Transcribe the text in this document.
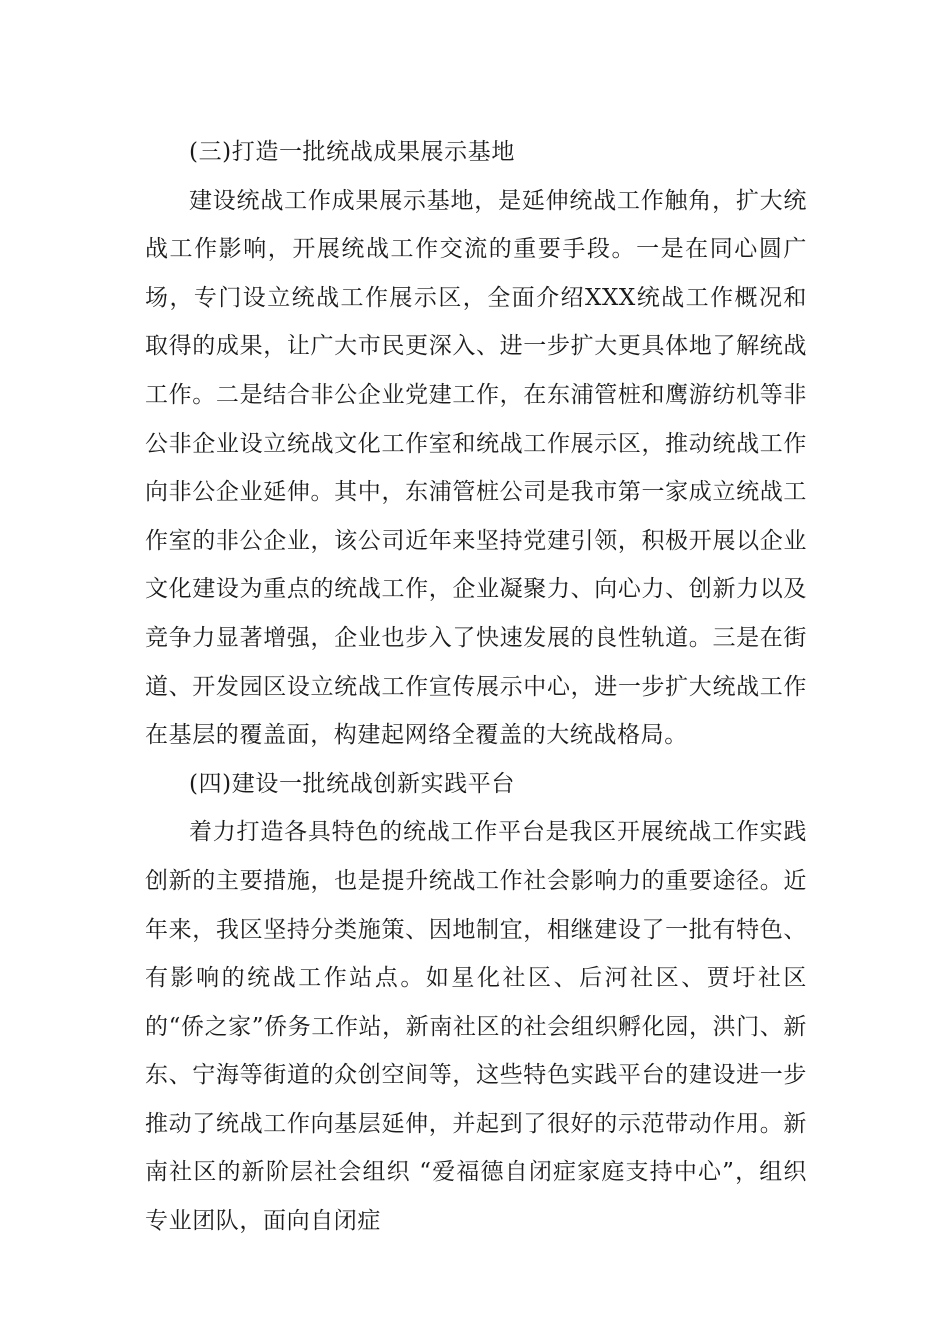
(三)打造一批统战成果展示基地

建设统战工作成果展示基地，是延伸统战工作触角，扩大统战工作影响，开展统战工作交流的重要手段。一是在同心圆广场，专门设立统战工作展示区，全面介绍XXX统战工作概况和取得的成果，让广大市民更深入、进一步扩大更具体地了解统战工作。二是结合非公企业党建工作，在东浦管桩和鹰游纺机等非公非企业设立统战文化工作室和统战工作展示区，推动统战工作向非公企业延伸。其中，东浦管桩公司是我市第一家成立统战工作室的非公企业，该公司近年来坚持党建引领，积极开展以企业文化建设为重点的统战工作，企业凝聚力、向心力、创新力以及竞争力显著增强，企业也步入了快速发展的良性轨道。三是在街道、开发园区设立统战工作宣传展示中心，进一步扩大统战工作在基层的覆盖面，构建起网络全覆盖的大统战格局。

(四)建设一批统战创新实践平台

着力打造各具特色的统战工作平台是我区开展统战工作实践创新的主要措施，也是提升统战工作社会影响力的重要途径。近年来，我区坚持分类施策、因地制宜，相继建设了一批有特色、有影响的统战工作站点。如星化社区、后河社区、贾圩社区的“侨之家”侨务工作站，新南社区的社会组织孵化园，洪门、新东、宁海等街道的众创空间等，这些特色实践平台的建设进一步推动了统战工作向基层延伸，并起到了很好的示范带动作用。新南社区的新阶层社会组织 “爱福德自闭症家庭支持中心”，组织专业团队，面向自闭症
